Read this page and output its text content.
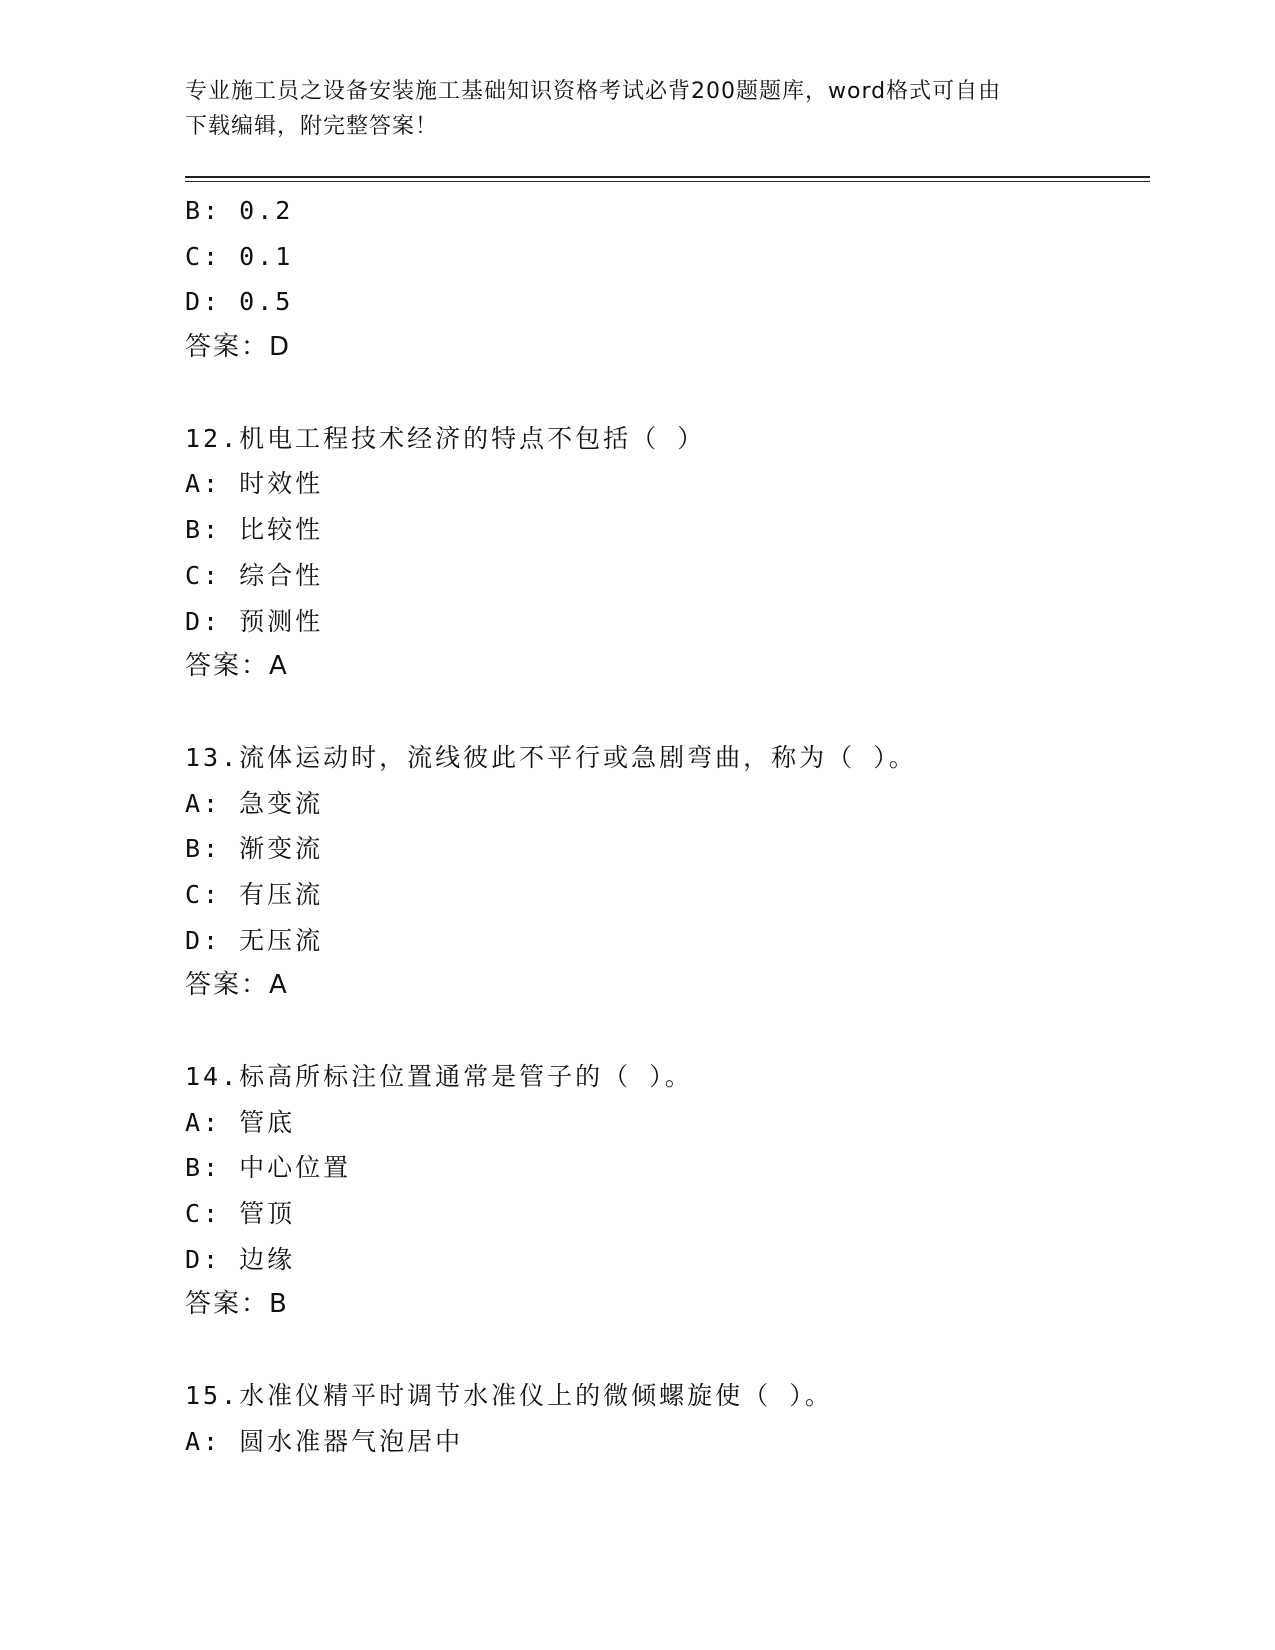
专业施工员之设备安装施工基础知识资格考试必背200题题库，word格式可自由
下载编辑，附完整答案！
B: 0.2
C: 0.1
D: 0.5
答案：D
12.机电工程技术经济的特点不包括（ ）
A: 时效性
B: 比较性
C: 综合性
D: 预测性
答案：A
13.流体运动时，流线彼此不平行或急剧弯曲，称为（ ）。
A: 急变流
B: 渐变流
C: 有压流
D: 无压流
答案：A
14.标高所标注位置通常是管子的（ ）。
A: 管底
B: 中心位置
C: 管顶
D: 边缘
答案：B
15.水准仪精平时调节水准仪上的微倾螺旋使（ ）。
A: 圆水准器气泡居中
